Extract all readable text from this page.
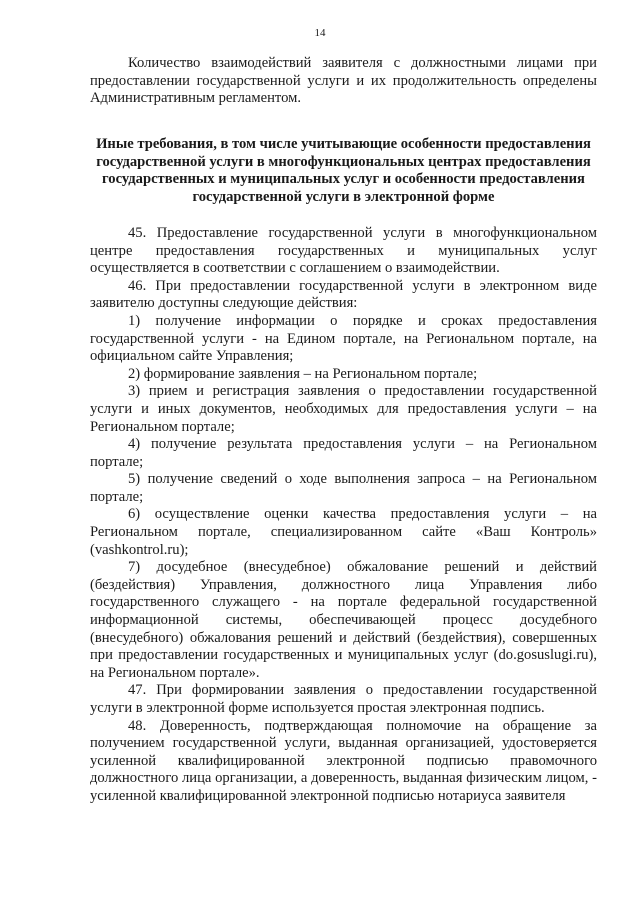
14

Количество взаимодействий заявителя с должностными лицами при предоставлении государственной услуги и их продолжительность определены Административным регламентом.

Иные требования, в том числе учитывающие особенности предоставления государственной услуги в многофункциональных центрах предоставления государственных и муниципальных услуг и особенности предоставления государственной услуги в электронной форме

45. Предоставление государственной услуги в многофункциональном центре предоставления государственных и муниципальных услуг осуществляется в соответствии с соглашением о взаимодействии.

46. При предоставлении государственной услуги в электронном виде заявителю доступны следующие действия:

1) получение информации о порядке и сроках предоставления государственной услуги - на Едином портале, на Региональном портале, на официальном сайте Управления;

2) формирование заявления – на Региональном портале;

3) прием и регистрация заявления о предоставлении государственной услуги и иных документов, необходимых для предоставления услуги – на Региональном портале;

4) получение результата предоставления услуги – на Региональном портале;

5) получение сведений о ходе выполнения запроса – на Региональном портале;

6) осуществление оценки качества предоставления услуги – на Региональном портале, специализированном сайте «Ваш Контроль» (vashkontrol.ru);

7) досудебное (внесудебное) обжалование решений и действий (бездействия) Управления, должностного лица Управления либо государственного служащего - на портале федеральной государственной информационной системы, обеспечивающей процесс досудебного (внесудебного) обжалования решений и действий (бездействия), совершенных при предоставлении государственных и муниципальных услуг (do.gosuslugi.ru), на Региональном портале».

47. При формировании заявления о предоставлении государственной услуги в электронной форме используется простая электронная подпись.

48. Доверенность, подтверждающая полномочие на обращение за получением государственной услуги, выданная организацией, удостоверяется усиленной квалифицированной электронной подписью правомочного должностного лица организации, а доверенность, выданная физическим лицом, - усиленной квалифицированной электронной подписью нотариуса заявителя
